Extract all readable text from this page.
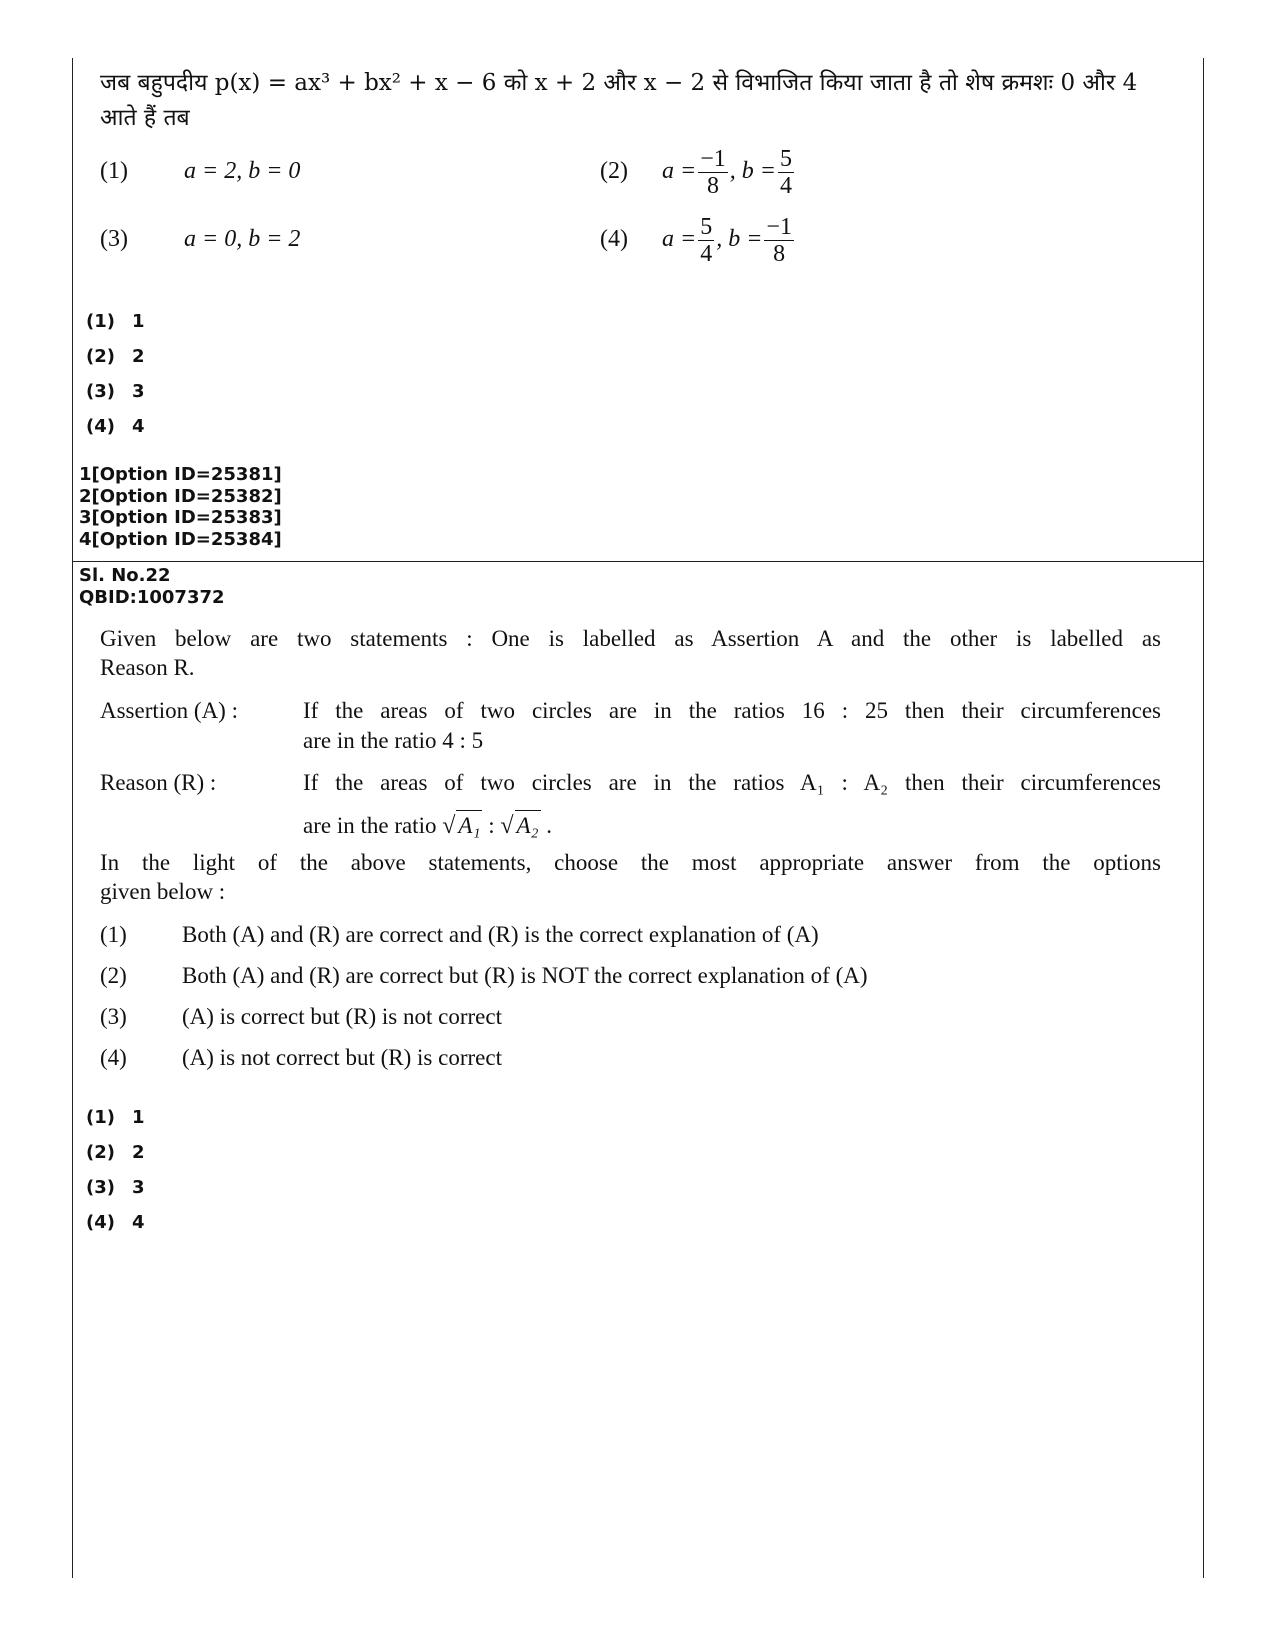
जब बहुपदीय p(x) = ax³ + bx² + x − 6 को x + 2 और x − 2 से विभाजित किया जाता है तो शेष क्रमशः 0 और 4
आते हैं तब
(1) a = 2, b = 0	(2) $a = \frac{-1}{8}$ , $b = \frac{5}{4}$
(3) a = 0, b = 2	(4) $a = \frac{5}{4}$ , $b = \frac{-1}{8}$
(1) 1
(2) 2
(3) 3
(4) 4
1[Option ID=25381]
2[Option ID=25382]
3[Option ID=25383]
4[Option ID=25384]
Sl. No.22
QBID:1007372
Given below are two statements : One is labelled as Assertion A and the other is labelled as
Reason R.
Assertion (A) :	If the areas of two circles are in the ratios 16 : 25 then their circumferences
are in the ratio 4 : 5
Reason (R) :	If the areas of two circles are in the ratios A₁ : A₂ then their circumferences
are in the ratio √ A₁ : √ A₂ .
In the light of the above statements, choose the most appropriate answer from the options
given below :
(1) Both (A) and (R) are correct and (R) is the correct explanation of (A)
(2) Both (A) and (R) are correct but (R) is NOT the correct explanation of (A)
(3) (A) is correct but (R) is not correct
(4) (A) is not correct but (R) is correct
(1) 1
(2) 2
(3) 3
(4) 4
